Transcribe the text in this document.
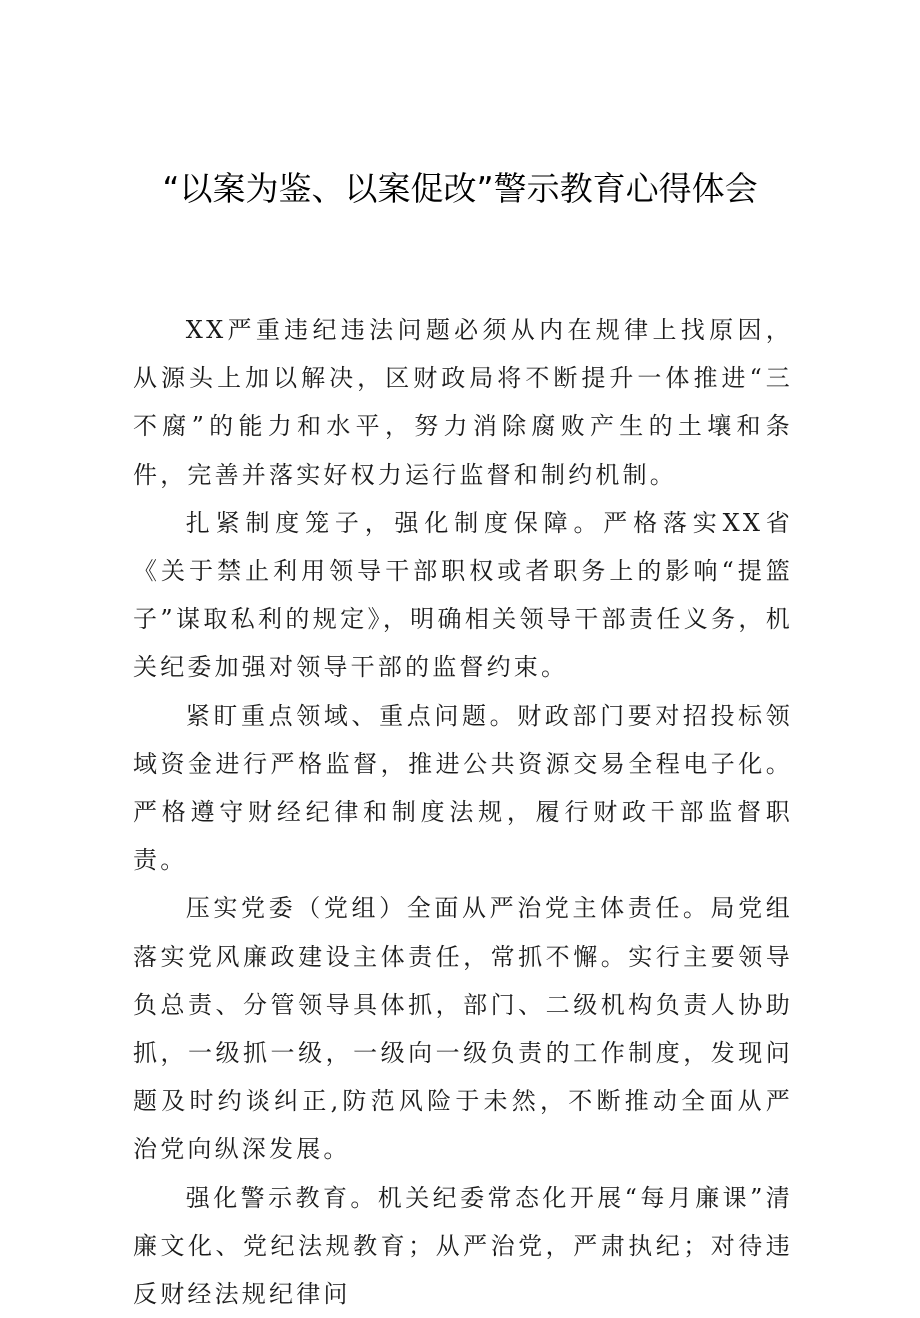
“以案为鉴、以案促改”警示教育心得体会

XX严重违纪违法问题必须从内在规律上找原因，从源头上加以解决，区财政局将不断提升一体推进“三不腐”的能力和水平，努力消除腐败产生的土壤和条件，完善并落实好权力运行监督和制约机制。

扎紧制度笼子，强化制度保障。严格落实XX省《关于禁止利用领导干部职权或者职务上的影响“提篮子”谋取私利的规定》，明确相关领导干部责任义务，机关纪委加强对领导干部的监督约束。

紧盯重点领域、重点问题。财政部门要对招投标领域资金进行严格监督，推进公共资源交易全程电子化。严格遵守财经纪律和制度法规，履行财政干部监督职责。

压实党委（党组）全面从严治党主体责任。局党组落实党风廉政建设主体责任，常抓不懈。实行主要领导负总责、分管领导具体抓，部门、二级机构负责人协助抓，一级抓一级，一级向一级负责的工作制度，发现问题及时约谈纠正,防范风险于未然，不断推动全面从严治党向纵深发展。

强化警示教育。机关纪委常态化开展“每月廉课”清廉文化、党纪法规教育；从严治党，严肃执纪；对待违反财经法规纪律问
